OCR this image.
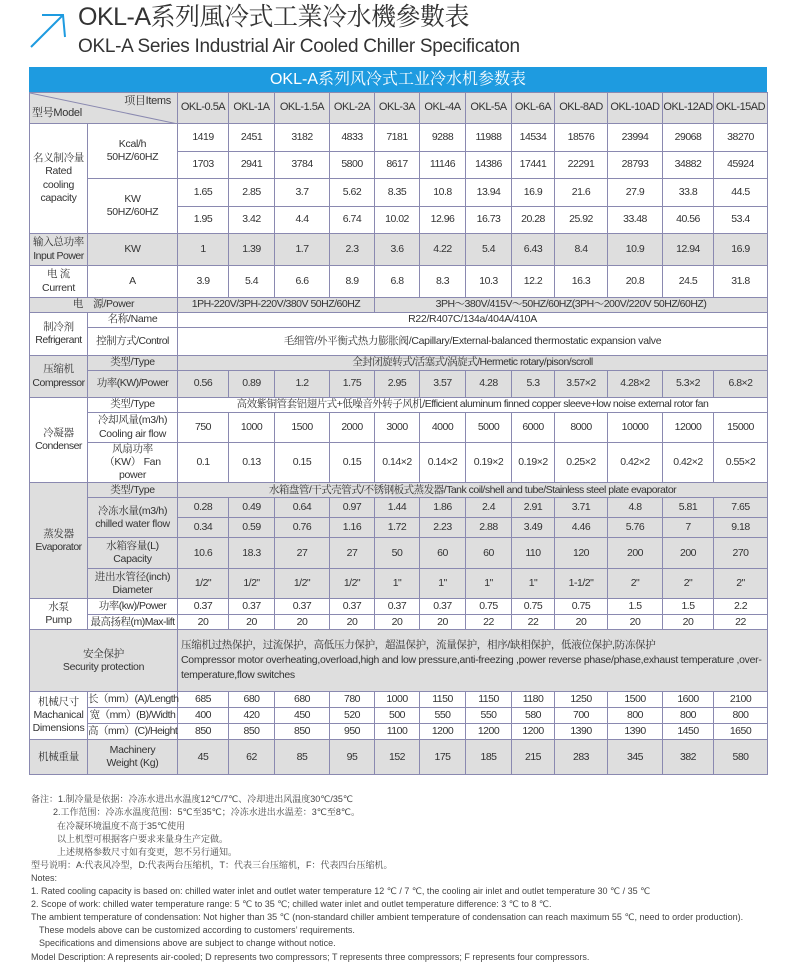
OKL-A系列風冷式工業冷水機參數表
OKL-A Series Industrial Air Cooled Chiller Specificaton
OKL-A系列风冷式工业冷水机参数表
型号Model
项目Items		OKL-0.5A	OKL-1A	OKL-1.5A	OKL-2A	OKL-3A	OKL-4A	OKL-5A	OKL-6A	OKL-8AD	OKL-10AD	OKL-12AD	OKL-15AD
名义制冷量
Rated cooling capacity	Kcal/h 50HZ/60HZ	1419	2451	3182	4833	7181	9288	11988	14534	18576	23994	29068	38270
		1703	2941	3784	5800	8617	11146	14386	17441	22291	28793	34882	45924
	KW 50HZ/60HZ	1.65	2.85	3.7	5.62	8.35	10.8	13.94	16.9	21.6	27.9	33.8	44.5
		1.95	3.42	4.4	6.74	10.02	12.96	16.73	20.28	25.92	33.48	40.56	53.4
输入总功率
Input Power	KW	1	1.39	1.7	2.3	3.6	4.22	5.4	6.43	8.4	10.9	12.94	16.9
电 流
Current	A	3.9	5.4	6.6	8.9	6.8	8.3	10.3	12.2	16.3	20.8	24.5	31.8
电　源/Power		1PH-220V/3PH-220V/380V 50HZ/60HZ				3PH～380V/415V～50HZ/60HZ(3PH～200V/220V 50HZ/60HZ)							
制冷剂
Refrigerant	名称/Name	R22/R407C/134a/404A/410A											
	控制方式/Control	毛细管/外平衡式热力膨胀阀/Capillary/External-balanced thermostatic expansion valve											
压缩机
Compressor	类型/Type	全封闭旋转式/活塞式/涡旋式/Hermetic rotary/pison/scroll											
	功率(KW)/Power	0.56	0.89	1.2	1.75	2.95	3.57	4.28	5.3	3.57×2	4.28×2	5.3×2	6.8×2
冷凝器
Condenser	类型/Type	高效紫铜管套铝翅片式+低噪音外转子风机/Efficient aluminum finned copper sleeve+low noise external rotor fan											
	冷却风量(m3/h) Cooling air flow	750	1000	1500	2000	3000	4000	5000	6000	8000	10000	12000	15000
	风扇功率（KW） Fan power	0.1	0.13	0.15	0.15	0.14×2	0.14×2	0.19×2	0.19×2	0.25×2	0.42×2	0.42×2	0.55×2
蒸发器
Evaporator	类型/Type	水箱盘管/干式壳管式/不锈钢板式蒸发器/Tank coil/shell and tube/Stainless steel plate evaporator											
	冷冻水量(m3/h) chilled water flow	0.28	0.49	0.64	0.97	1.44	1.86	2.4	2.91	3.71	4.8	5.81	7.65
		0.34	0.59	0.76	1.16	1.72	2.23	2.88	3.49	4.46	5.76	7	9.18
	水箱容量(L) Capacity	10.6	18.3	27	27	50	60	60	110	120	200	200	270
	进出水管径(inch) Diameter	1/2"	1/2"	1/2"	1/2"	1"	1"	1"	1"	1-1/2"	2"	2"	2"
水泵
Pump	功率(kw)/Power	0.37	0.37	0.37	0.37	0.37	0.37	0.75	0.75	0.75	1.5	1.5	2.2
	最高扬程(m)Max-lift	20	20	20	20	20	20	22	22	20	20	20	22
安全保护
Security protection		压缩机过热保护，过流保护，高低压力保护，超温保护，流量保护，相序/缺相保护，低液位保护,防冻保护
Compressor motor overheating,overload,high and low pressure,anti-freezing ,power reverse phase/phase,exhaust temperature ,over-temperature,flow switches											
机械尺寸
Machanical Dimensions	长（mm）(A)/Length	685	680	680	780	1000	1150	1150	1180	1250	1500	1600	2100
	宽（mm）(B)/Width	400	420	450	520	500	550	550	580	700	800	800	800
	高（mm）(C)/Height	850	850	850	950	1100	1200	1200	1200	1390	1390	1450	1650
机械重量	Machinery Weight (Kg)	45	62	85	95	152	175	185	215	283	345	382	580
备注：1.制冷量是依据：冷冻水进出水温度12℃/7℃、冷却进出风温度30℃/35℃
2.工作范围：冷冻水温度范围：5℃至35℃；冷冻水进出水温差：3℃至8℃。
在冷凝环境温度不高于35℃使用
以上机型可根据客户要求来量身生产定做。
上述规格参数尺寸如有变更，恕不另行通知。
型号说明：A:代表风冷型，D:代表两台压缩机，T：代表三台压缩机，F：代表四台压缩机。
Notes:
1. Rated cooling capacity is based on: chilled water inlet and outlet water temperature 12 ℃ / 7 ℃, the cooling air inlet and outlet temperature 30 ℃ / 35 ℃
2. Scope of work: chilled water temperature range: 5 ℃ to 35 ℃; chilled water inlet and outlet temperature difference: 3 ℃ to 8 ℃.
The ambient temperature of condensation: Not higher than 35 ℃ (non-standard chiller ambient temperature of condensation can reach maximum 55 ℃, need to order production).
These models above can be customized according to customers’ requirements.
Specifications and dimensions above are subject to change without notice.
Model Description: A represents air-cooled; D represents two compressors; T represents three compressors; F represents four compressors.
